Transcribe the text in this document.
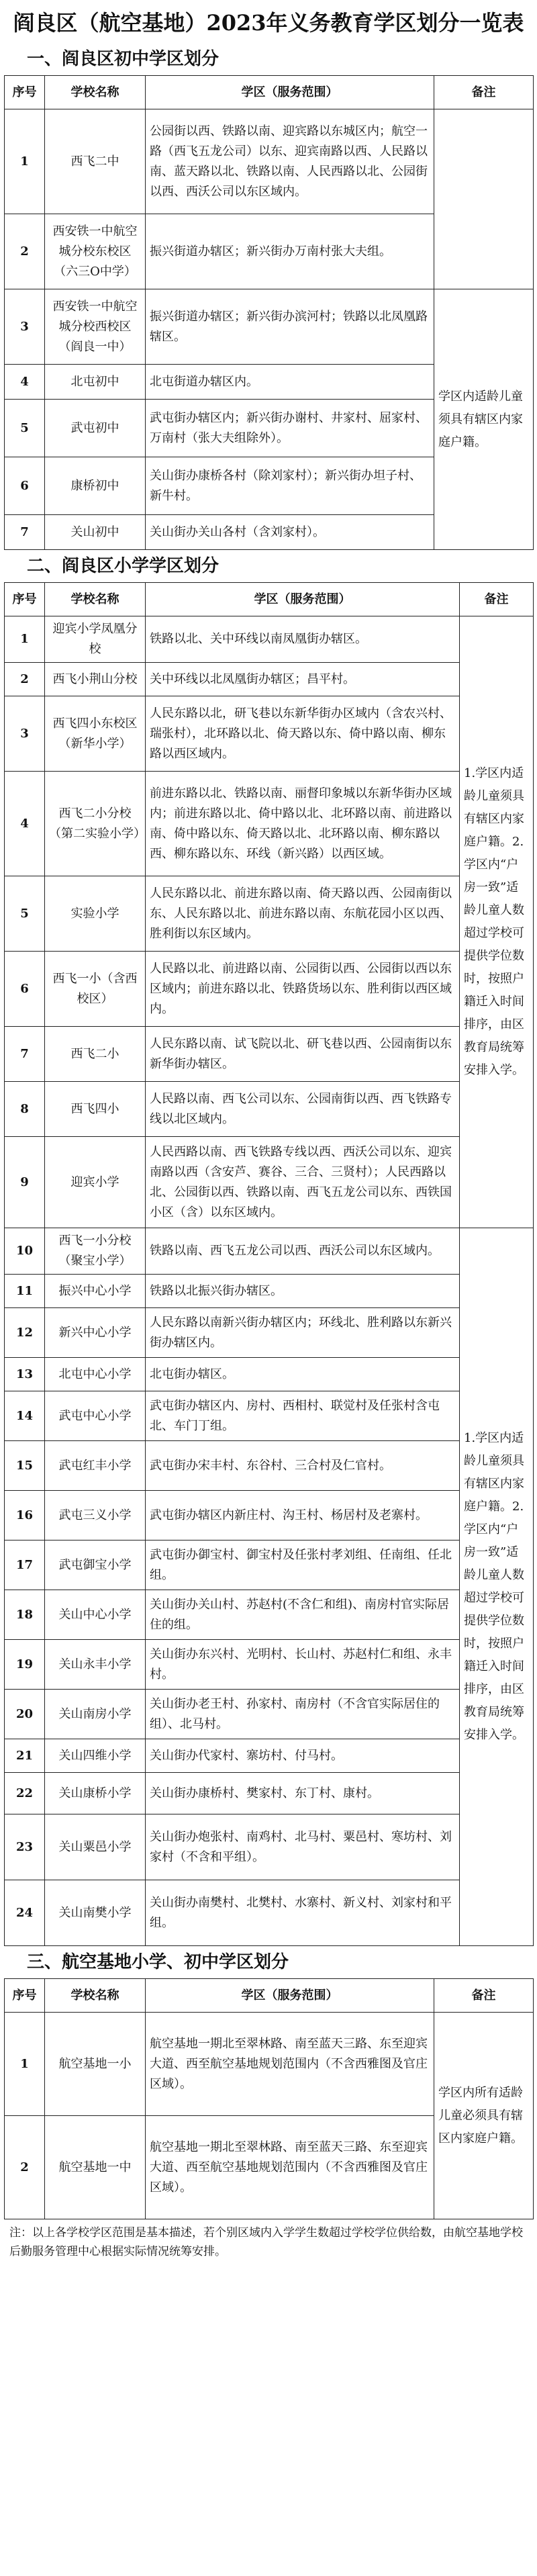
阎良区（航空基地）2023年义务教育学区划分一览表
一、阎良区初中学区划分
序号	学校名称	学区（服务范围）	备注
1	西飞二中	公园街以西、铁路以南、迎宾路以东城区内；航空一路（西飞五龙公司）以东、迎宾南路以西、人民路以南、蓝天路以北、铁路以南、人民西路以北、公园街以西、西沃公司以东区域内。	
2	西安铁一中航空城分校东校区（六三O中学）	振兴街道办辖区；新兴街办万南村张大夫组。	
3	西安铁一中航空城分校西校区（阎良一中）	振兴街道办辖区；新兴街办滨河村；铁路以北凤凰路辖区。	学区内适龄儿童须具有辖区内家庭户籍。

4	北屯初中	北屯街道办辖区内。	
5	武屯初中	武屯街办辖区内；新兴街办谢村、井家村、屈家村、万南村（张大夫组除外）。	
6	康桥初中	关山街办康桥各村（除刘家村）；新兴街办坦子村、新牛村。	
7	关山初中	关山街办关山各村（含刘家村）。	
二、阎良区小学学区划分
序号	学校名称	学区（服务范围）	备注
1	迎宾小学凤凰分校	铁路以北、关中环线以南凤凰街办辖区。	1.学区内适龄儿童须具有辖区内家庭户籍。2.学区内“户房一致”适龄儿童人数超过学校可提供学位数时，按照户籍迁入时间排序，由区教育局统筹安排入学。

2	西飞小荆山分校	关中环线以北凤凰街办辖区；昌平村。	
3	西飞四小东校区（新华小学）	人民东路以北，研飞巷以东新华街办区域内（含农兴村、瑞张村），北环路以北、倚天路以东、倚中路以南、柳东路以西区域内。	
4	西飞二小分校（第二实验小学）	前进东路以北、铁路以南、丽督印象城以东新华街办区域内；前进东路以北、倚中路以北、北环路以南、前进路以南、倚中路以东、倚天路以北、北环路以南、柳东路以西、柳东路以东、环线（新兴路）以西区域。	
5	实验小学	人民东路以北、前进东路以南、倚天路以西、公园南街以东、人民东路以北、前进东路以南、东航花园小区以西、胜利街以东区域内。	
6	西飞一小（含西校区）	人民路以北、前进路以南、公园街以西、公园街以西以东区域内；前进东路以北、铁路货场以东、胜利街以西区域内。	
7	西飞二小	人民东路以南、试飞院以北、研飞巷以西、公园南街以东新华街办辖区。	
8	西飞四小	人民路以南、西飞公司以东、公园南街以西、西飞铁路专线以北区域内。	
9	迎宾小学	人民西路以南、西飞铁路专线以西、西沃公司以东、迎宾南路以西（含安芦、赛谷、三合、三贤村）；人民西路以北、公园街以西、铁路以南、西飞五龙公司以东、西铁国小区（含）以东区域内。	
10	西飞一小分校（聚宝小学）	铁路以南、西飞五龙公司以西、西沃公司以东区域内。	1.学区内适龄儿童须具有辖区内家庭户籍。2.学区内“户房一致”适龄儿童人数超过学校可提供学位数时，按照户籍迁入时间排序，由区教育局统筹安排入学。

11	振兴中心小学	铁路以北振兴街办辖区。	
12	新兴中心小学	人民东路以南新兴街办辖区内；环线北、胜利路以东新兴街办辖区内。	
13	北屯中心小学	北屯街办辖区。	
14	武屯中心小学	武屯街办辖区内、房村、西相村、联觉村及任张村含屯北、车门丁组。	
15	武屯红丰小学	武屯街办宋丰村、东谷村、三合村及仁官村。	
16	武屯三义小学	武屯街办辖区内新庄村、沟王村、杨居村及老寨村。	
17	武屯御宝小学	武屯街办御宝村、御宝村及任张村孝刘组、任南组、任北组。	
18	关山中心小学	关山街办关山村、苏赵村(不含仁和组)、南房村官实际居住的组。	
19	关山永丰小学	关山街办东兴村、光明村、长山村、苏赵村仁和组、永丰村。	
20	关山南房小学	关山街办老王村、孙家村、南房村（不含官实际居住的组）、北马村。	
21	关山四维小学	关山街办代家村、寨坊村、付马村。	
22	关山康桥小学	关山街办康桥村、樊家村、东丁村、康村。	
23	关山粟邑小学	关山街办炮张村、南鸡村、北马村、粟邑村、寒坊村、刘家村（不含和平组）。	
24	关山南樊小学	关山街办南樊村、北樊村、水寨村、新义村、刘家村和平组。	
三、航空基地小学、初中学区划分
序号	学校名称	学区（服务范围）	备注
1	航空基地一小	航空基地一期北至翠林路、南至蓝天三路、东至迎宾大道、西至航空基地规划范围内（不含西雅图及官庄区域）。	学区内所有适龄儿童必须具有辖区内家庭户籍。

2	航空基地一中	航空基地一期北至翠林路、南至蓝天三路、东至迎宾大道、西至航空基地规划范围内（不含西雅图及官庄区域）。	
注：以上各学校学区范围是基本描述，若个别区域内入学学生数超过学校学位供给数，由航空基地学校后勤服务管理中心根据实际情况统筹安排。
